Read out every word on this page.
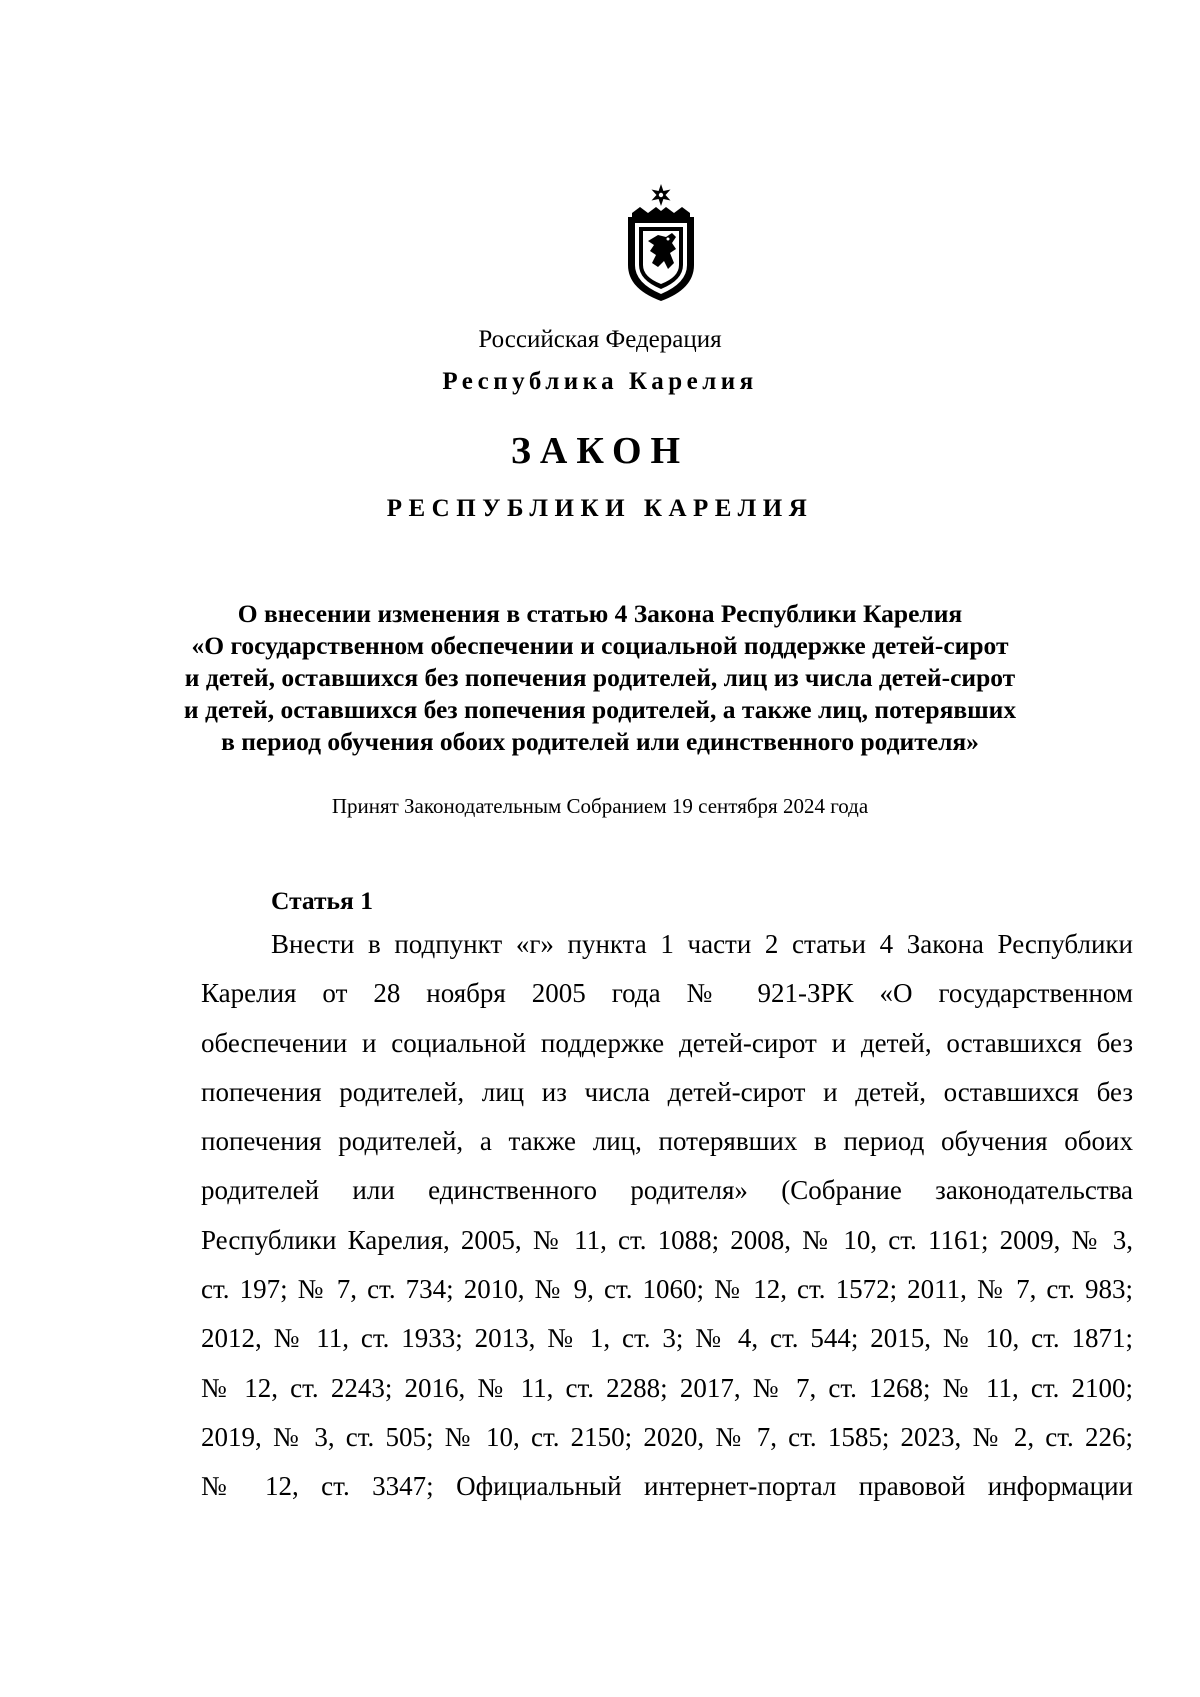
Российская Федерация

Республика Карелия

ЗАКОН

РЕСПУБЛИКИ КАРЕЛИЯ

О внесении изменения в статью 4 Закона Республики Карелия
«О государственном обеспечении и социальной поддержке детей-сирот
и детей, оставшихся без попечения родителей, лиц из числа детей-сирот
и детей, оставшихся без попечения родителей, а также лиц, потерявших
в период обучения обоих родителей или единственного родителя»

Принят Законодательным Собранием 19 сентября 2024 года

Статья 1

Внести в подпункт «г» пункта 1 части 2 статьи 4 Закона Республики
Карелия от 28 ноября 2005 года № 921-ЗРК «О государственном
обеспечении и социальной поддержке детей-сирот и детей, оставшихся без
попечения родителей, лиц из числа детей-сирот и детей, оставшихся без
попечения родителей, а также лиц, потерявших в период обучения обоих
родителей или единственного родителя» (Собрание законодательства
Республики Карелия, 2005, № 11, ст. 1088; 2008, № 10, ст. 1161; 2009, № 3,
ст. 197; № 7, ст. 734; 2010, № 9, ст. 1060; № 12, ст. 1572; 2011, № 7, ст. 983;
2012, № 11, ст. 1933; 2013, № 1, ст. 3; № 4, ст. 544; 2015, № 10, ст. 1871;
№ 12, ст. 2243; 2016, № 11, ст. 2288; 2017, № 7, ст. 1268; № 11, ст. 2100;
2019, № 3, ст. 505; № 10, ст. 2150; 2020, № 7, ст. 1585; 2023, № 2, ст. 226;
№ 12, ст. 3347; Официальный интернет-портал правовой информации
